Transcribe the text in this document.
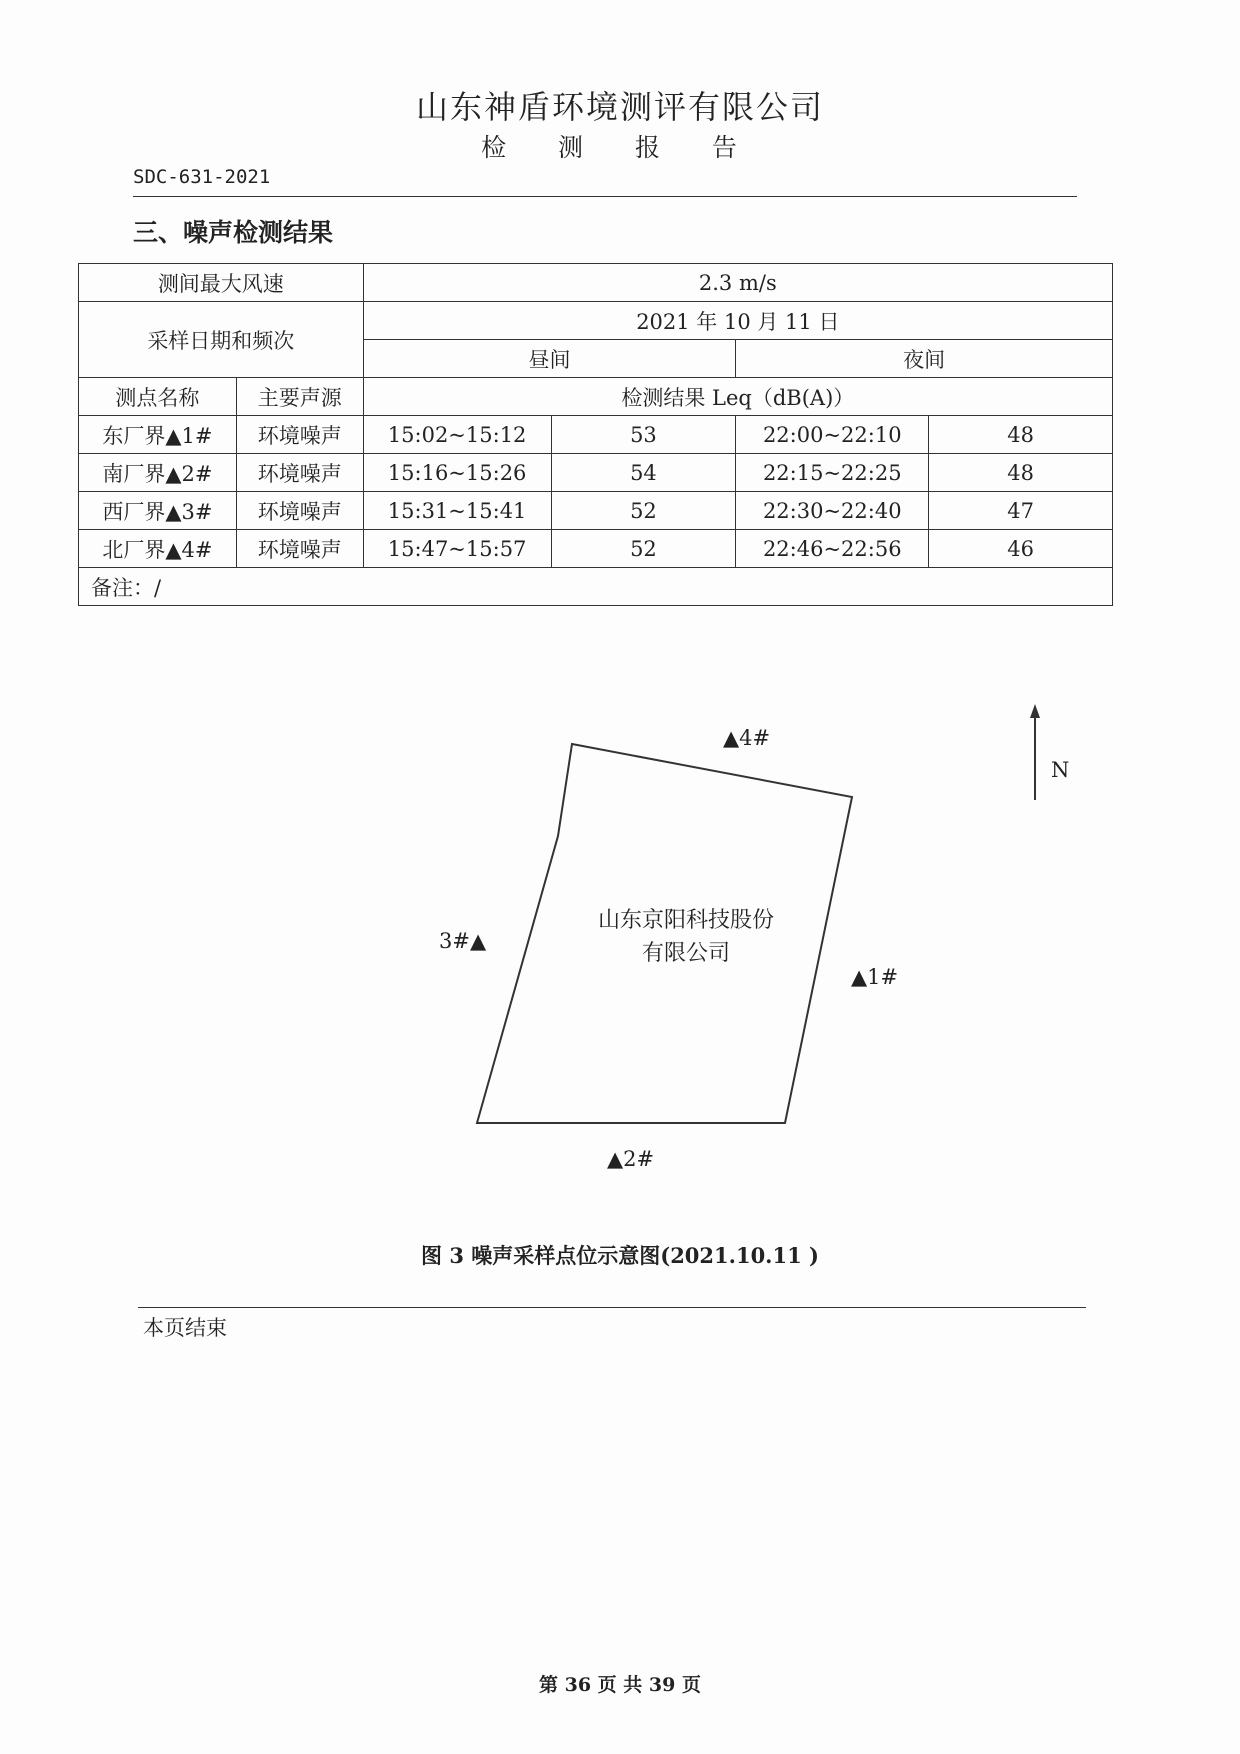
山东神盾环境测评有限公司
检 测 报 告
SDC-631-2021
三、噪声检测结果
测间最大风速		2.3 m/s			
采样日期和频次		2021 年 10 月 11 日			
		昼间		夜间	
测点名称	主要声源	检测结果 Leq（dB(A)）			
东厂界▲1#	环境噪声	15:02~15:12	53	22:00~22:10	48
南厂界▲2#	环境噪声	15:16~15:26	54	22:15~22:25	48
西厂界▲3#	环境噪声	15:31~15:41	52	22:30~22:40	47
北厂界▲4#	环境噪声	15:47~15:57	52	22:46~22:56	46
备注：/					
山东京阳科技股份
有限公司
▲1#
▲2#
3#▲
▲4#
N
图 3 噪声采样点位示意图(2021.10.11 )
本页结束
第 36 页 共 39 页
